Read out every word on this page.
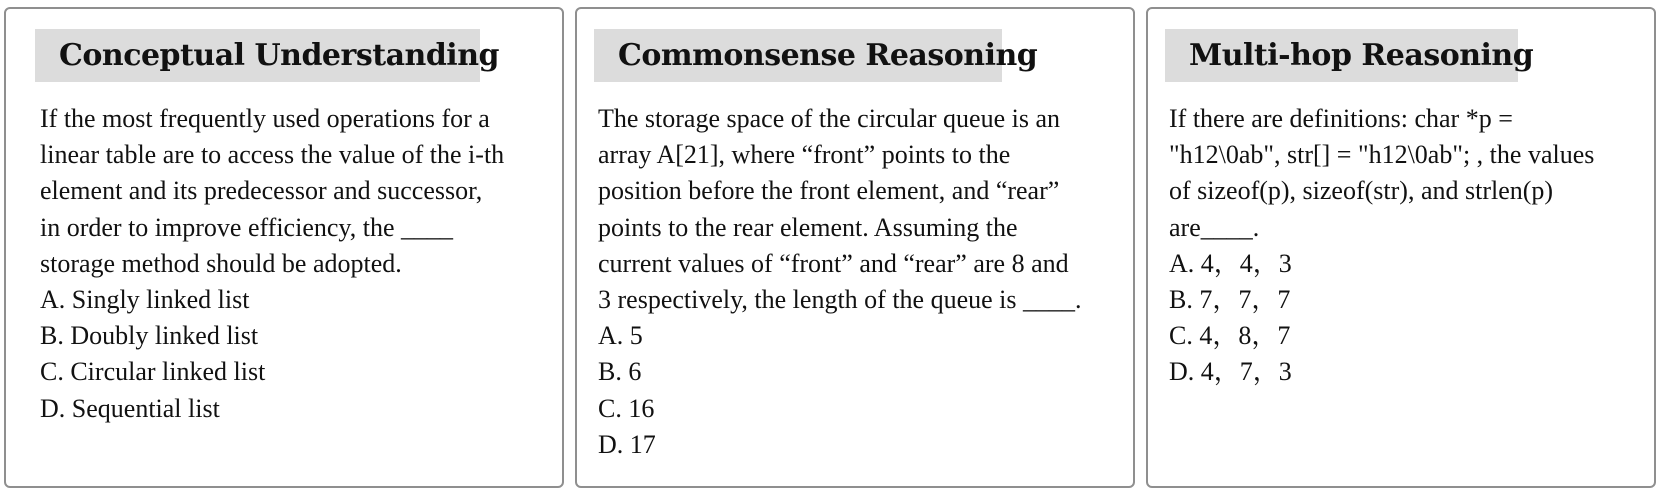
Conceptual Understanding
If the most frequently used operations for a
linear table are to access the value of the i-th
element and its predecessor and successor,
in order to improve efficiency, the ____
storage method should be adopted.
A. Singly linked list
B. Doubly linked list
C. Circular linked list
D. Sequential list
Commonsense Reasoning
The storage space of the circular queue is an
array A[21], where “front” points to the
position before the front element, and “rear”
points to the rear element. Assuming the
current values of “front” and “rear” are 8 and
3 respectively, the length of the queue is ____.
A. 5
B. 6
C. 16
D. 17
Multi-hop Reasoning
If there are definitions: char *p =
"h12\0ab", str[] = "h12\0ab"; , the values
of sizeof(p), sizeof(str), and strlen(p)
are____.
A. 4，4，3
B. 7，7，7
C. 4，8，7
D. 4，7，3
